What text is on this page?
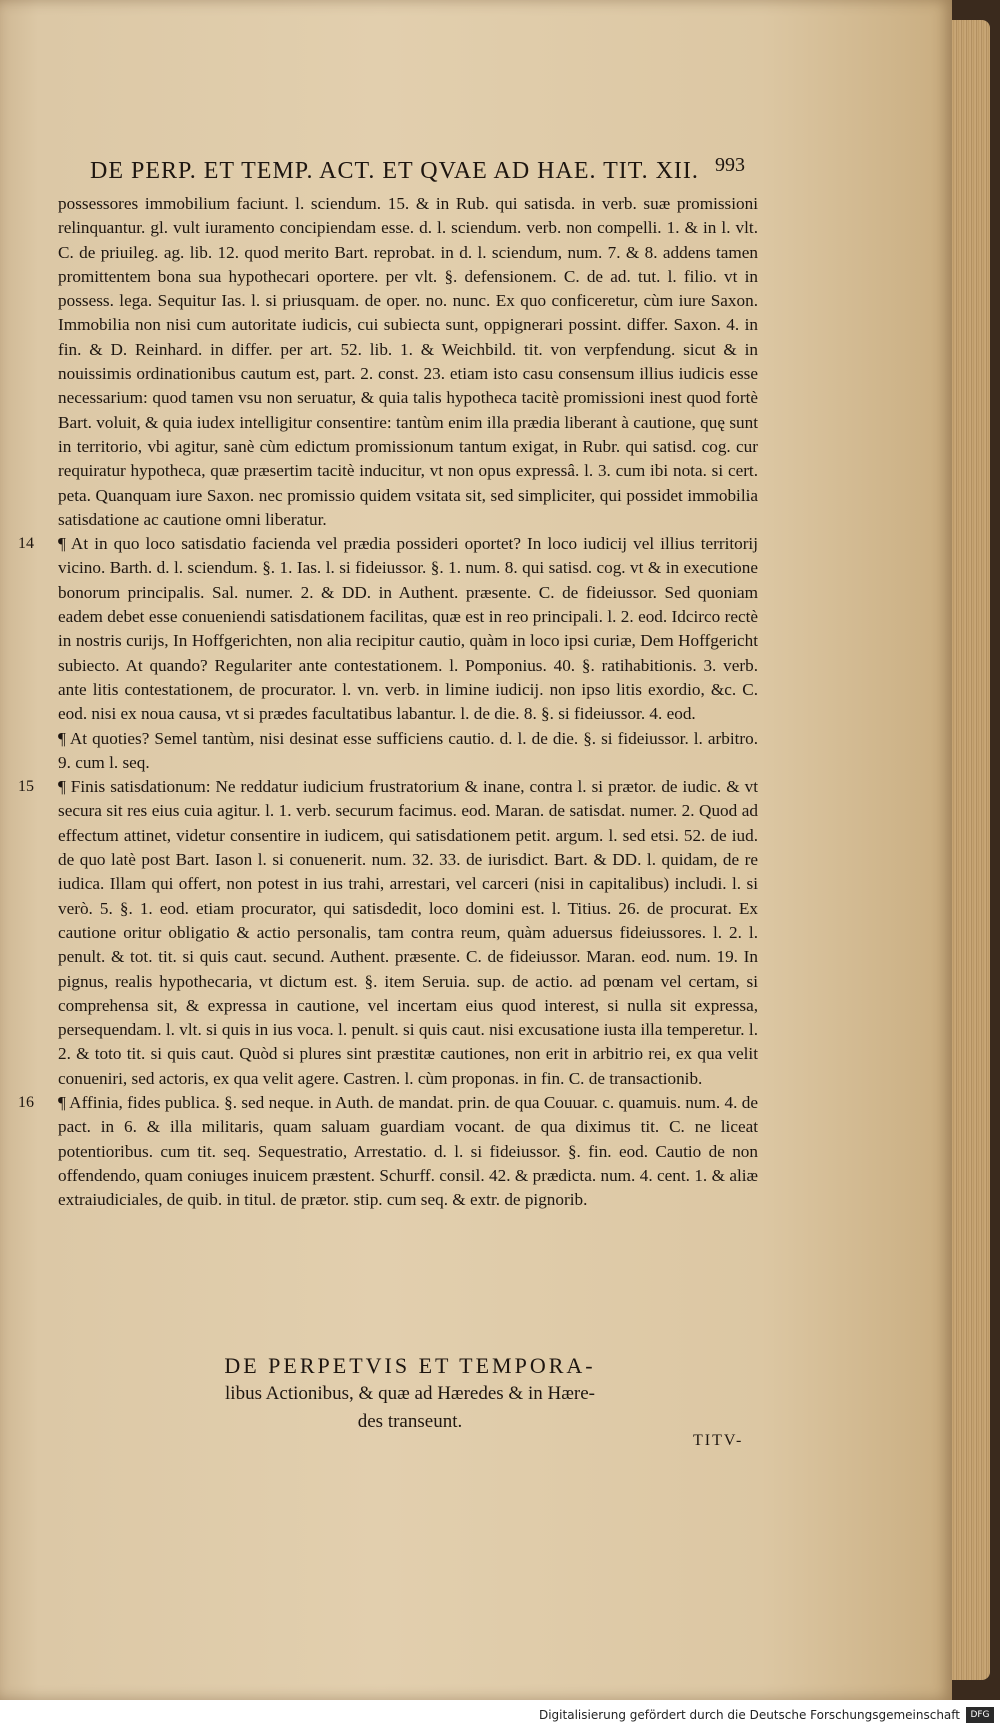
DE PERP. ET TEMP. ACT. ET QVAE AD HAE. TIT. XII. 993

possessores immobilium faciunt. l. sciendum. 15. & in Rub. qui satisda. in verb. suæ promissioni relinquantur. gl. vult iuramento concipiendam esse. d. l. sciendum. verb. non compelli. 1. & in l. vlt. C. de priuileg. ag. lib. 12. quod merito Bart. reprobat. in d. l. sciendum, num. 7. & 8. addens tamen promittentem bona sua hypothecari oportere. per vlt. §. defensionem. C. de ad. tut. l. filio. vt in possess. lega. Sequitur Ias. l. si priusquam. de oper. no. nunc. Ex quo conficeretur, cùm iure Saxon. Immobilia non nisi cum autoritate iudicis, cui subiecta sunt, oppignerari possint. differ. Saxon. 4. in fin. & D. Reinhard. in differ. per art. 52. lib. 1. & Weichbild. tit. von verpfendung. sicut & in nouissimis ordinationibus cautum est, part. 2. const. 23. etiam isto casu consensum illius iudicis esse necessarium: quod tamen vsu non seruatur, & quia talis hypotheca tacitè promissioni inest quod fortè Bart. voluit, & quia iudex intelligitur consentire: tantùm enim illa prædia liberant à cautione, quę sunt in territorio, vbi agitur, sanè cùm edictum promissionum tantum exigat, in Rubr. qui satisd. cog. cur requiratur hypotheca, quæ præsertim tacitè inducitur, vt non opus expressâ. l. 3. cum ibi nota. si cert. peta. Quanquam iure Saxon. nec promissio quidem vsitata sit, sed simpliciter, qui possidet immobilia satisdatione ac cautione omni liberatur.

14 ¶ At in quo loco satisdatio facienda vel prædia possideri oportet? In loco iudicij vel illius territorij vicino. Barth. d. l. sciendum. §. 1. Ias. l. si fideiussor. §. 1. num. 8. qui satisd. cog. vt & in executione bonorum principalis. Sal. numer. 2. & DD. in Authent. præsente. C. de fideiussor. Sed quoniam eadem debet esse conueniendi satisdationem facilitas, quæ est in reo principali. l. 2. eod. Idcirco rectè in nostris curijs, In Hoffgerichten, non alia recipitur cautio, quàm in loco ipsi curiæ, Dem Hoffgericht subiecto. At quando? Regulariter ante contestationem. l. Pomponius. 40. §. ratihabitionis. 3. verb. ante litis contestationem, de procurator. l. vn. verb. in limine iudicij. non ipso litis exordio, &c. C. eod. nisi ex noua causa, vt si prædes facultatibus labantur. l. de die. 8. §. si fideiussor. 4. eod.

¶ At quoties? Semel tantùm, nisi desinat esse sufficiens cautio. d. l. de die. §. si fideiussor. l. arbitro. 9. cum l. seq.

15 ¶ Finis satisdationum: Ne reddatur iudicium frustratorium & inane, contra l. si prætor. de iudic. & vt secura sit res eius cuia agitur. l. 1. verb. securum facimus. eod. Maran. de satisdat. numer. 2. Quod ad effectum attinet, videtur consentire in iudicem, qui satisdationem petit. argum. l. sed etsi. 52. de iud. de quo latè post Bart. Iason l. si conuenerit. num. 32. 33. de iurisdict. Bart. & DD. l. quidam, de re iudica. Illam qui offert, non potest in ius trahi, arrestari, vel carceri (nisi in capitalibus) includi. l. si verò. 5. §. 1. eod. etiam procurator, qui satisdedit, loco domini est. l. Titius. 26. de procurat. Ex cautione oritur obligatio & actio personalis, tam contra reum, quàm aduersus fideiussores. l. 2. l. penult. & tot. tit. si quis caut. secund. Authent. præsente. C. de fideiussor. Maran. eod. num. 19. In pignus, realis hypothecaria, vt dictum est. §. item Seruia. sup. de actio. ad pœnam vel certam, si comprehensa sit, & expressa in cautione, vel incertam eius quod interest, si nulla sit expressa, persequendam. l. vlt. si quis in ius voca. l. penult. si quis caut. nisi excusatione iusta illa temperetur. l. 2. & toto tit. si quis caut. Quòd si plures sint præstitæ cautiones, non erit in arbitrio rei, ex qua velit conueniri, sed actoris, ex qua velit agere. Castren. l. cùm proponas. in fin. C. de transactionib.

16 ¶ Affinia, fides publica. §. sed neque. in Auth. de mandat. prin. de qua Couuar. c. quamuis. num. 4. de pact. in 6. & illa militaris, quam saluam guardiam vocant. de qua diximus tit. C. ne liceat potentioribus. cum tit. seq. Sequestratio, Arrestatio. d. l. si fideiussor. §. fin. eod. Cautio de non offendendo, quam coniuges inuicem præstent. Schurff. consil. 42. & prædicta. num. 4. cent. 1. & aliæ extraiudiciales, de quib. in titul. de prætor. stip. cum seq. & extr. de pignorib.

DE PERPETVIS ET TEMPORA-
libus Actionibus, & quæ ad Hæredes & in Hære-
des transeunt.
TITV-
Digitalisierung gefördert durch die Deutsche Forschungsgemeinschaft	DFG
